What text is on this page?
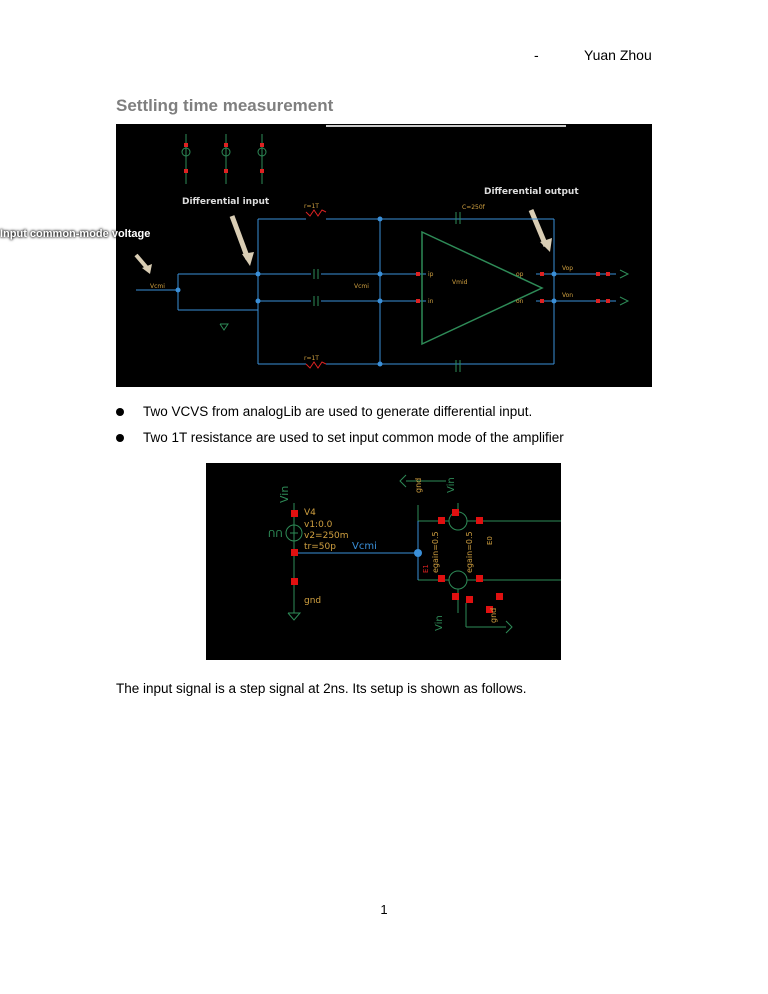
-	Yuan Zhou
Settling time measurement
Differential input
Differential output
Vcmi	Vcmi
ip
in
op
on
Vop
Von
Vmid
C=250f
r=1T
r=1T
Input common-mode voltage
Two VCVS from analogLib are used to generate differential input.
Two 1T resistance are used to set input common mode of the amplifier
V4
v1:0.0
v2=250m
tr=50p
gnd
Vcmi
ՈՈ
Vin
Vin
Vin
gnd
gnd
egain=0.5	egain=0.5
E1
E0
The input signal is a step signal at 2ns. Its setup is shown as follows.
1
